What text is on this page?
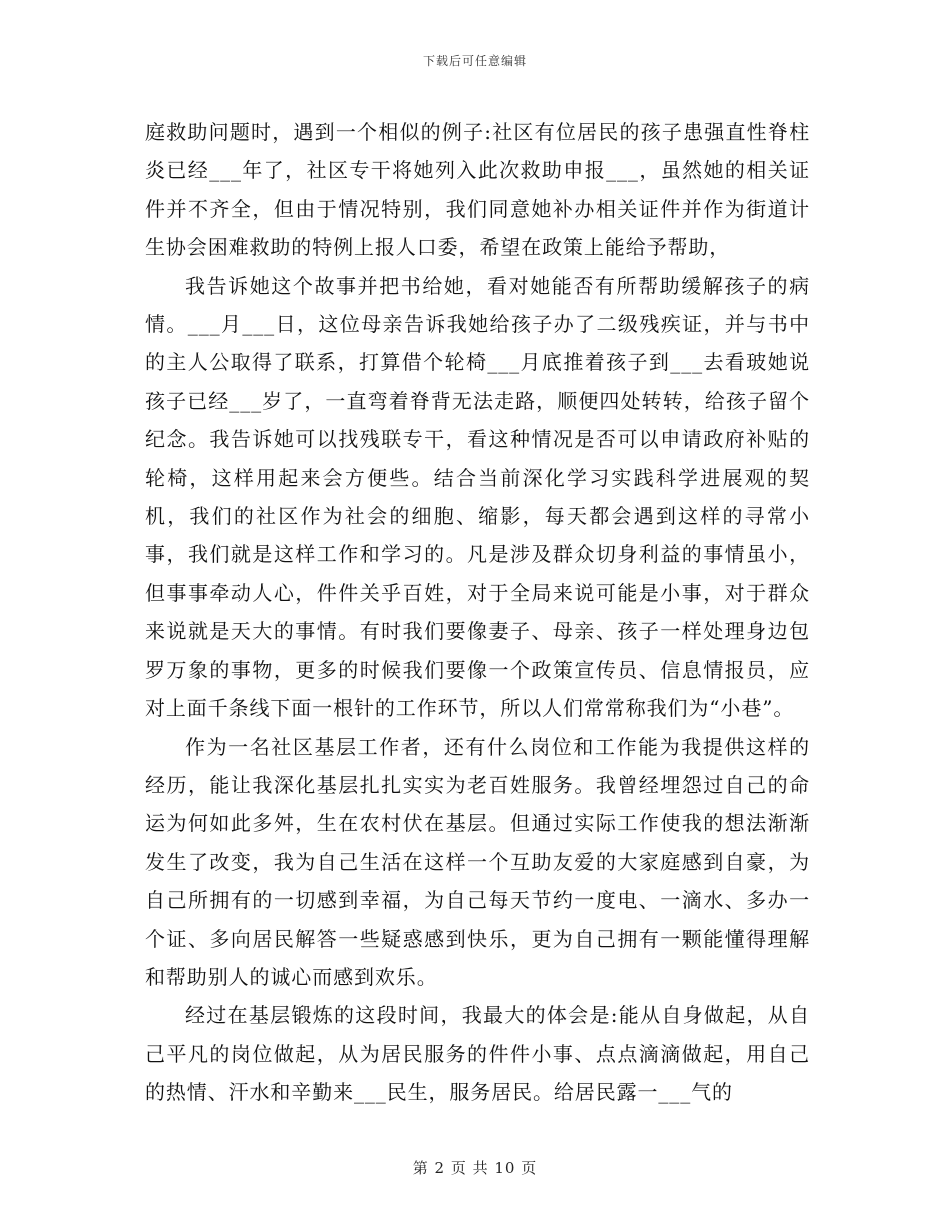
下载后可任意编辑

庭救助问题时，遇到一个相似的例子:社区有位居民的孩子患强直性脊柱炎已经___年了，社区专干将她列入此次救助申报___，虽然她的相关证件并不齐全，但由于情况特别，我们同意她补办相关证件并作为街道计生协会困难救助的特例上报人口委，希望在政策上能给予帮助，

我告诉她这个故事并把书给她，看对她能否有所帮助缓解孩子的病情。___月___日，这位母亲告诉我她给孩子办了二级残疾证，并与书中的主人公取得了联系，打算借个轮椅___月底推着孩子到___去看玻她说孩子已经___岁了，一直弯着脊背无法走路，顺便四处转转，给孩子留个纪念。我告诉她可以找残联专干，看这种情况是否可以申请政府补贴的轮椅，这样用起来会方便些。结合当前深化学习实践科学进展观的契机，我们的社区作为社会的细胞、缩影，每天都会遇到这样的寻常小事，我们就是这样工作和学习的。凡是涉及群众切身利益的事情虽小，但事事牵动人心，件件关乎百姓，对于全局来说可能是小事，对于群众来说就是天大的事情。有时我们要像妻子、母亲、孩子一样处理身边包罗万象的事物，更多的时候我们要像一个政策宣传员、信息情报员，应对上面千条线下面一根针的工作环节，所以人们常常称我们为“小巷”。

作为一名社区基层工作者，还有什么岗位和工作能为我提供这样的经历，能让我深化基层扎扎实实为老百姓服务。我曾经埋怨过自己的命运为何如此多舛，生在农村伏在基层。但通过实际工作使我的想法渐渐发生了改变，我为自己生活在这样一个互助友爱的大家庭感到自豪，为自己所拥有的一切感到幸福，为自己每天节约一度电、一滴水、多办一个证、多向居民解答一些疑惑感到快乐，更为自己拥有一颗能懂得理解和帮助别人的诚心而感到欢乐。

经过在基层锻炼的这段时间，我最大的体会是:能从自身做起，从自己平凡的岗位做起，从为居民服务的件件小事、点点滴滴做起，用自己的热情、汗水和辛勤来___民生，服务居民。给居民露一___气的

第 2 页 共 10 页
